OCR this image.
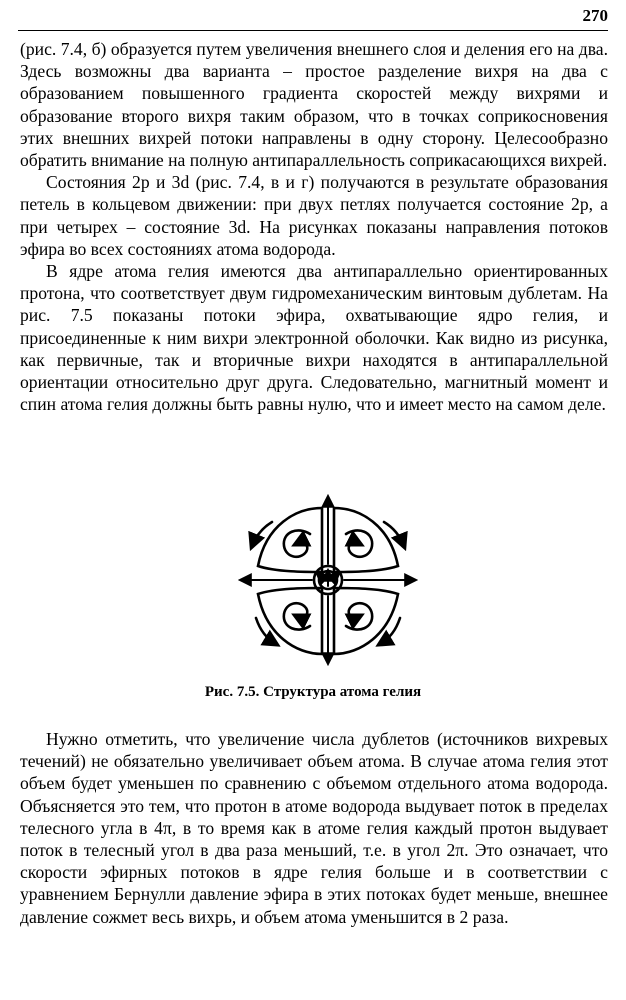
270

(рис. 7.4, б) образуется путем увеличения внешнего слоя и деления его на два. Здесь возможны два варианта – простое разделение вихря на два с образованием повышенного градиента скоростей между вихрями и образование второго вихря таким образом, что в точках соприкосновения этих внешних вихрей потоки направлены в одну сторону. Целесообразно обратить внимание на полную антипараллельность соприкасающихся вихрей.

Состояния 2p и 3d (рис. 7.4, в и г) получаются в результате образования петель в кольцевом движении: при двух петлях получается состояние 2p, а при четырех – состояние 3d. На рисунках показаны направления потоков эфира во всех состояниях атома водорода.

В ядре атома гелия имеются два антипараллельно ориентированных протона, что соответствует двум гидромеханическим винтовым дублетам. На рис. 7.5 показаны потоки эфира, охватывающие ядро гелия, и присоединенные к ним вихри электронной оболочки. Как видно из рисунка, как первичные, так и вторичные вихри находятся в антипараллельной ориентации относительно друг друга. Следовательно, магнитный момент и спин атома гелия должны быть равны нулю, что и имеет место на самом деле.

Рис. 7.5. Структура атома гелия

Нужно отметить, что увеличение числа дублетов (источников вихревых течений) не обязательно увеличивает объем атома. В случае атома гелия этот объем будет уменьшен по сравнению с объемом отдельного атома водорода. Объясняется это тем, что протон в атоме водорода выдувает поток в пределах телесного угла в 4π, в то время как в атоме гелия каждый протон выдувает поток в телесный угол в два раза меньший, т.е. в угол 2π. Это означает, что скорости эфирных потоков в ядре гелия больше и в соответствии с уравнением Бернулли давление эфира в этих потоках будет меньше, внешнее давление сожмет весь вихрь, и объем атома уменьшится в 2 раза.
